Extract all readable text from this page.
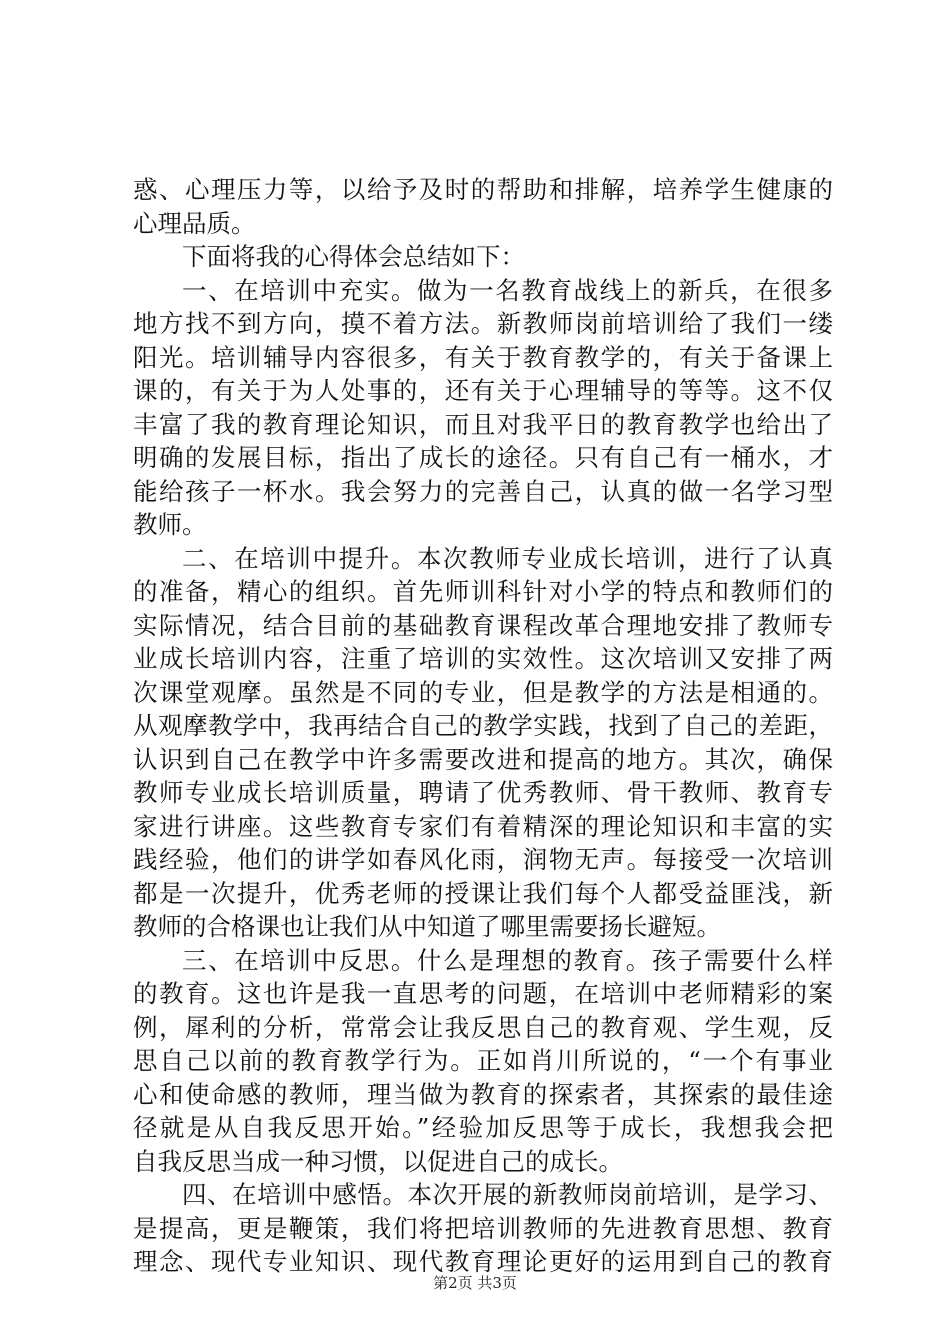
惑、心理压力等，以给予及时的帮助和排解，培养学生健康的
心理品质。
下面将我的心得体会总结如下：
一、在培训中充实。做为一名教育战线上的新兵，在很多
地方找不到方向，摸不着方法。新教师岗前培训给了我们一缕
阳光。培训辅导内容很多，有关于教育教学的，有关于备课上
课的，有关于为人处事的，还有关于心理辅导的等等。这不仅
丰富了我的教育理论知识，而且对我平日的教育教学也给出了
明确的发展目标，指出了成长的途径。只有自己有一桶水，才
能给孩子一杯水。我会努力的完善自己，认真的做一名学习型
教师。
二、在培训中提升。本次教师专业成长培训，进行了认真
的准备，精心的组织。首先师训科针对小学的特点和教师们的
实际情况，结合目前的基础教育课程改革合理地安排了教师专
业成长培训内容，注重了培训的实效性。这次培训又安排了两
次课堂观摩。虽然是不同的专业，但是教学的方法是相通的。
从观摩教学中，我再结合自己的教学实践，找到了自己的差距，
认识到自己在教学中许多需要改进和提高的地方。其次，确保
教师专业成长培训质量，聘请了优秀教师、骨干教师、教育专
家进行讲座。这些教育专家们有着精深的理论知识和丰富的实
践经验，他们的讲学如春风化雨，润物无声。每接受一次培训
都是一次提升，优秀老师的授课让我们每个人都受益匪浅，新
教师的合格课也让我们从中知道了哪里需要扬长避短。
三、在培训中反思。什么是理想的教育。孩子需要什么样
的教育。这也许是我一直思考的问题，在培训中老师精彩的案
例，犀利的分析，常常会让我反思自己的教育观、学生观，反
思自己以前的教育教学行为。正如肖川所说的，“一个有事业
心和使命感的教师，理当做为教育的探索者，其探索的最佳途
径就是从自我反思开始。”经验加反思等于成长，我想我会把
自我反思当成一种习惯，以促进自己的成长。
四、在培训中感悟。本次开展的新教师岗前培训，是学习、
是提高，更是鞭策，我们将把培训教师的先进教育思想、教育
理念、现代专业知识、现代教育理论更好的运用到自己的教育
第2页 共3页
